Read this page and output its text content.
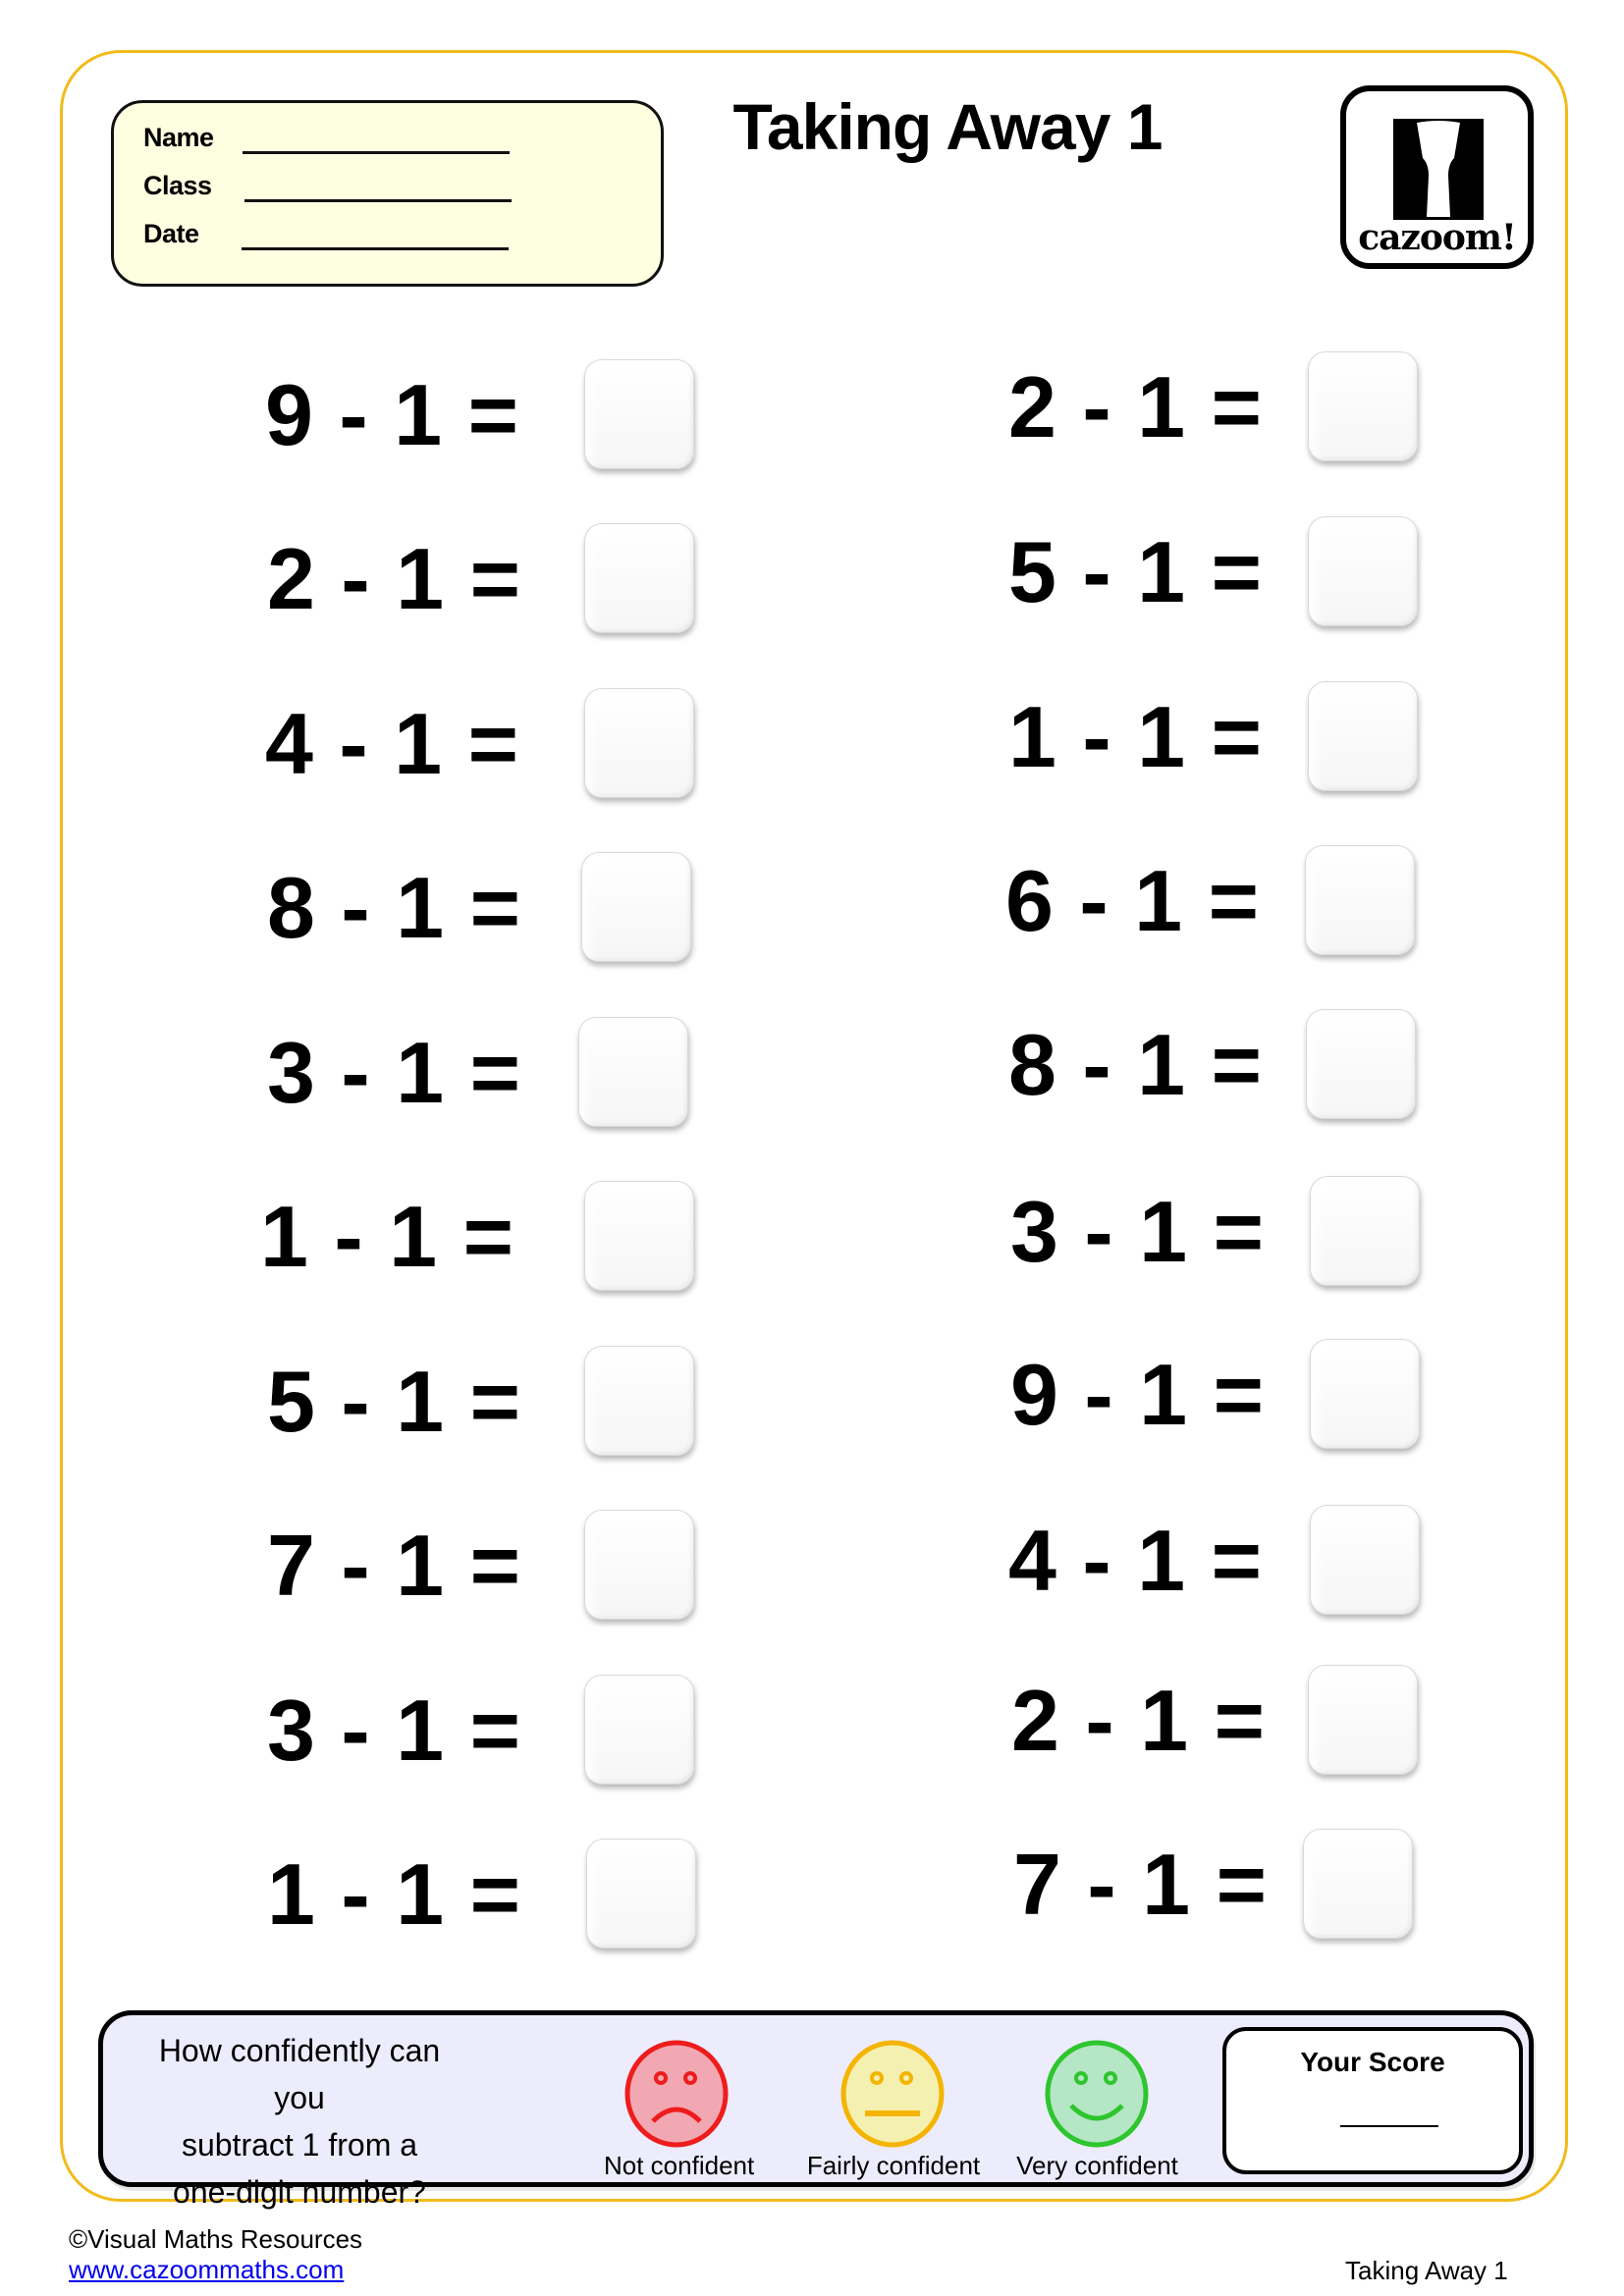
Name
Class
Date
Taking Away 1
cazoom!
9 - 1 =
2 - 1 =
4 - 1 =
8 - 1 =
3 - 1 =
1 - 1 =
5 - 1 =
7 - 1 =
3 - 1 =
1 - 1 =
2 - 1 =
5 - 1 =
1 - 1 =
6 - 1 =
8 - 1 =
3 - 1 =
9 - 1 =
4 - 1 =
2 - 1 =
7 - 1 =
How confidently can you
subtract 1 from a
one-digit number?
Not confident Fairly confident Very confident
Your Score
©Visual Maths Resources
www.cazoommaths.com	Taking Away 1
